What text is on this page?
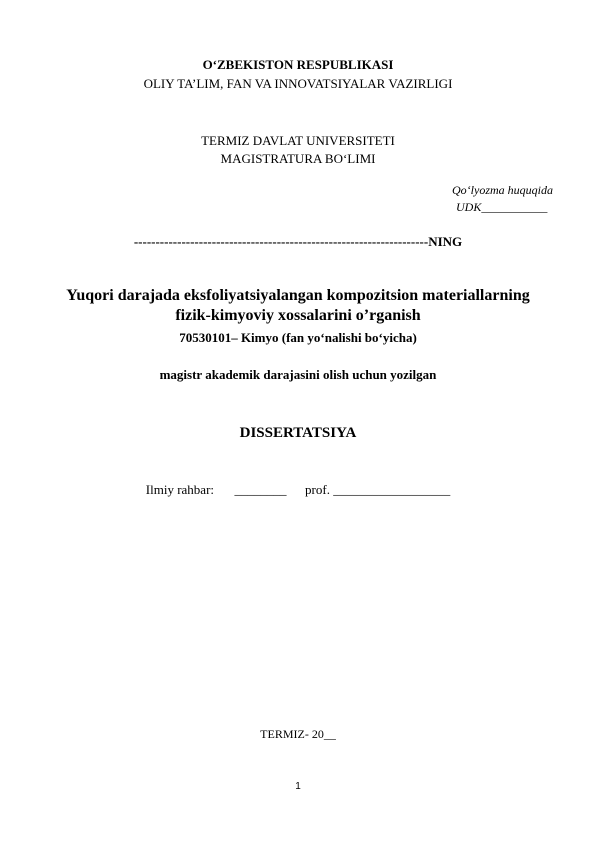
O‘ZBEKISTON RESPUBLIKASI
OLIY TA’LIM, FAN VA INNOVATSIYALAR VAZIRLIGI
TERMIZ DAVLAT UNIVERSITETI
MAGISTRATURA BO‘LIMI
Qo‘lyozma huquqida
UDK___________
--------------------------------------------------------------------NING
Yuqori darajada eksfoliyatsiyalangan kompozitsion materiallarning
fizik-kimyoviy xossalarini o’rganish
70530101– Kimyo (fan yo‘nalishi bo‘yicha)
magistr akademik darajasini olish uchun yozilgan
DISSERTATSIYA
Ilmiy rahbar: ________ prof. __________________
TERMIZ- 20__
1
